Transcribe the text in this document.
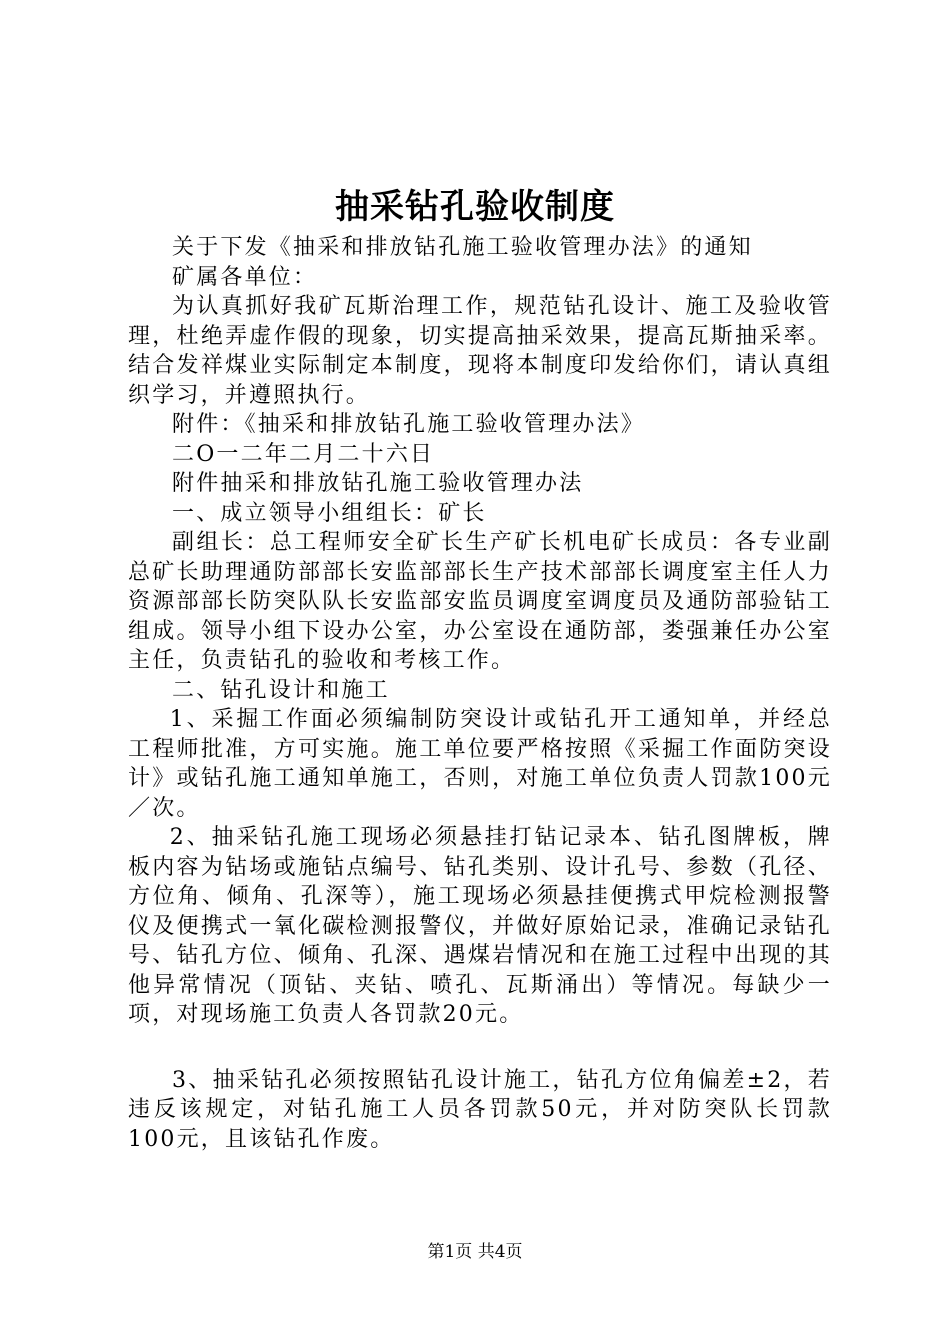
抽采钻孔验收制度

关于下发《抽采和排放钻孔施工验收管理办法》的通知

矿属各单位：

为认真抓好我矿瓦斯治理工作，规范钻孔设计、施工及验收管理，杜绝弄虚作假的现象，切实提高抽采效果，提高瓦斯抽采率。结合发祥煤业实际制定本制度，现将本制度印发给你们，请认真组织学习，并遵照执行。

附件：《抽采和排放钻孔施工验收管理办法》

二О一二年二月二十六日

附件抽采和排放钻孔施工验收管理办法

一、成立领导小组组长：矿长

副组长：总工程师安全矿长生产矿长机电矿长成员：各专业副总矿长助理通防部部长安监部部长生产技术部部长调度室主任人力资源部部长防突队队长安监部安监员调度室调度员及通防部验钻工组成。领导小组下设办公室，办公室设在通防部，娄强兼任办公室主任，负责钻孔的验收和考核工作。

二、钻孔设计和施工

1、采掘工作面必须编制防突设计或钻孔开工通知单，并经总工程师批准，方可实施。施工单位要严格按照《采掘工作面防突设计》或钻孔施工通知单施工，否则，对施工单位负责人罚款100元／次。

2、抽采钻孔施工现场必须悬挂打钻记录本、钻孔图牌板，牌板内容为钻场或施钻点编号、钻孔类别、设计孔号、参数（孔径、方位角、倾角、孔深等），施工现场必须悬挂便携式甲烷检测报警仪及便携式一氧化碳检测报警仪，并做好原始记录，准确记录钻孔号、钻孔方位、倾角、孔深、遇煤岩情况和在施工过程中出现的其他异常情况（顶钻、夹钻、喷孔、瓦斯涌出）等情况。每缺少一项，对现场施工负责人各罚款20元。

3、抽采钻孔必须按照钻孔设计施工，钻孔方位角偏差±2，若违反该规定，对钻孔施工人员各罚款50元，并对防突队长罚款100元，且该钻孔作废。

第1页 共4页
